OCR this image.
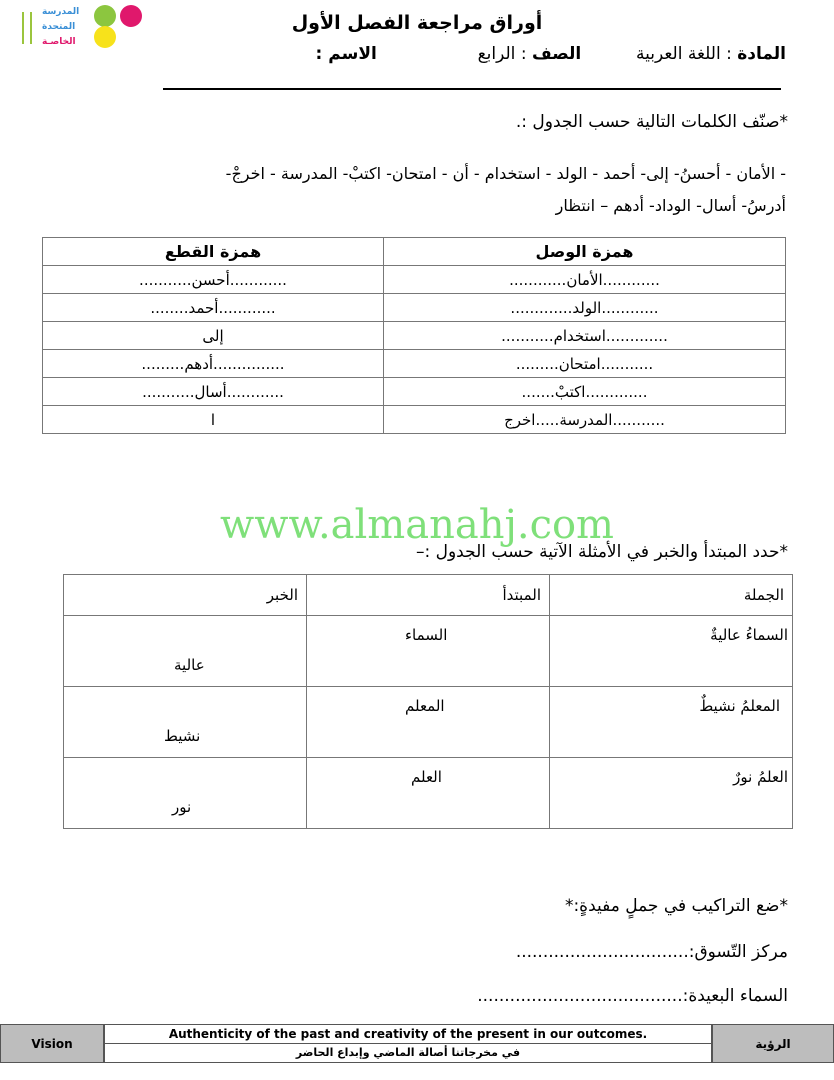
المدرسة
المتحدة
الخاصـة
أوراق مراجعة الفصل الأول
المادة : اللغة العربية  الصف : الرابع  الاسم :
*صنّف الكلمات التالية حسب الجدول :.
- الأمان - أحسنُ- إلى- أحمد - الولد - استخدام - أن - امتحان- اكتبْ- المدرسة - اخرجْ-
أدرسُ- أسال- الوداد- أدهم – انتظار
همزة القطع	همزة الوصل
............أحسن...........	............الأمان............
............أحمد........	............الولد.............
إلى	.............استخدام...........
...............أدهم.........	...........امتحان.........
............أسال...........	.............اكتبْ.......
ا	...........المدرسة.....اخرج
www.almanahj.com
*حدد المبتدأ والخبر في الأمثلة الآتية حسب الجدول :–
الخبر	المبتدأ	الجملة

عالية	السماء	السماءُ عاليةٌ

نشيط	المعلم	المعلمُ نشيطٌ

نور	العلم	العلمُ نورٌ
*ضع التراكيب في جملٍ مفيدةٍ:*
مركز التّسوق:................................
السماء البعيدة:......................................
Vision
Authenticity of the past and creativity of the present in our outcomes.
في مخرجاتنا أصالة الماضي وإبداع الحاضر
الرؤية
